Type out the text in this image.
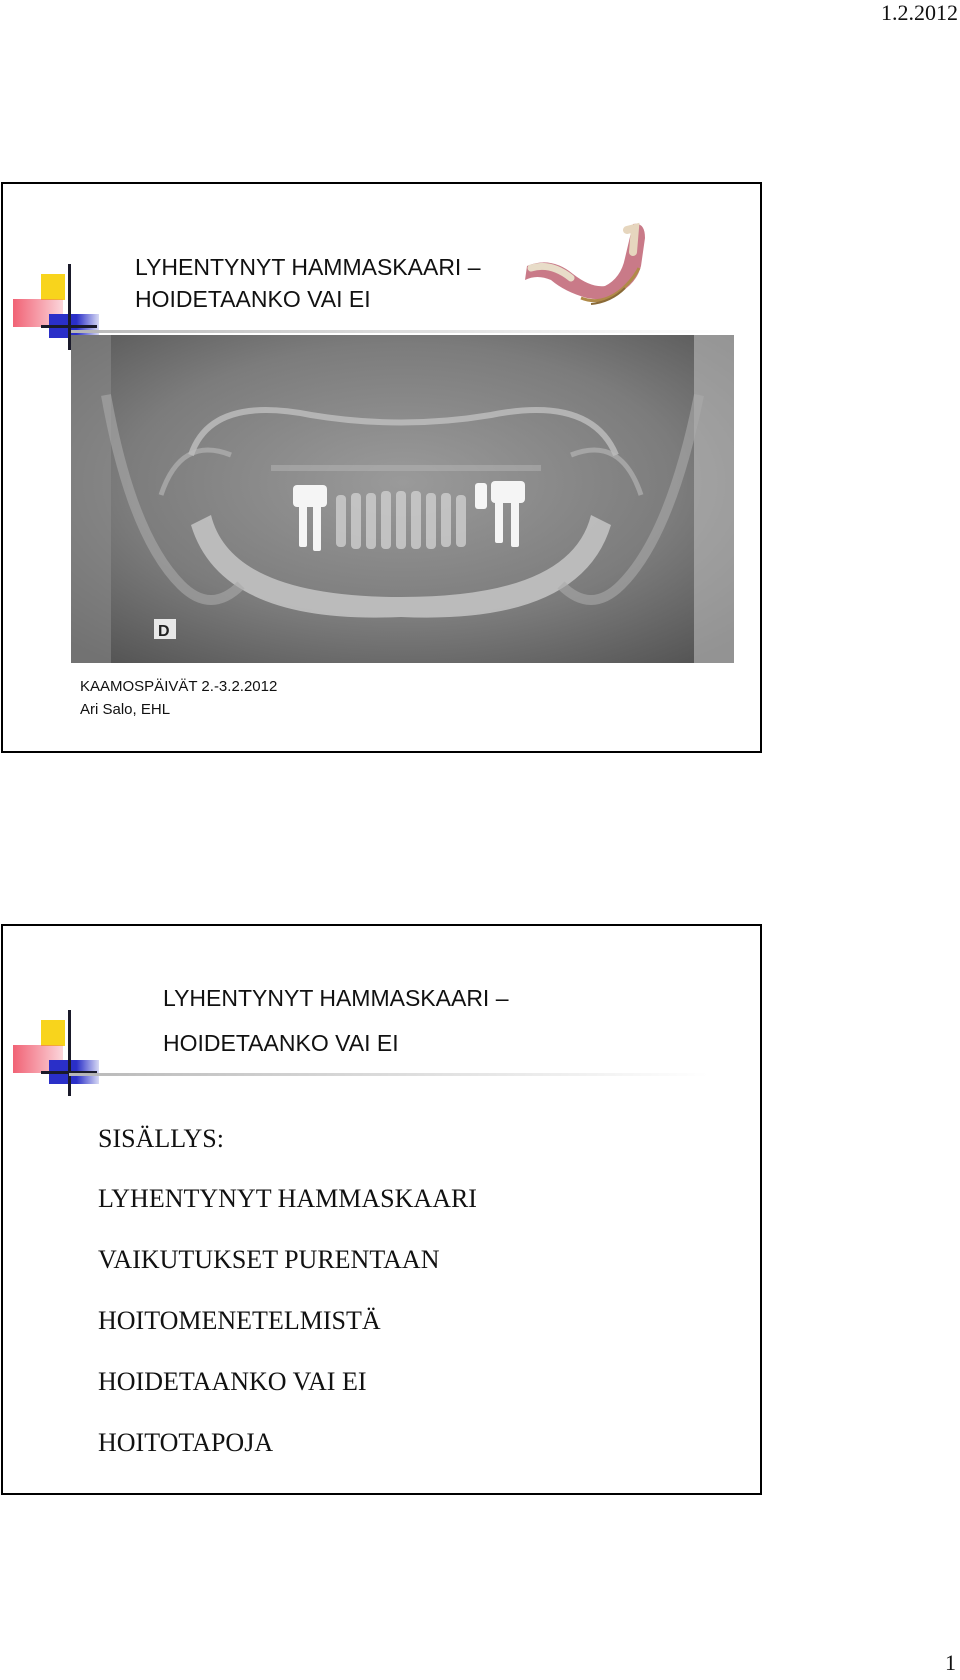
1.2.2012
LYHENTYNYT HAMMASKAARI –
HOIDETAANKO VAI EI
D
KAAMOSPÄIVÄT 2.-3.2.2012
Ari Salo, EHL
LYHENTYNYT HAMMASKAARI –
HOIDETAANKO VAI EI
SISÄLLYS:
LYHENTYNYT HAMMASKAARI
VAIKUTUKSET PURENTAAN
HOITOMENETELMISTÄ
HOIDETAANKO VAI EI
HOITOTAPOJA
1
